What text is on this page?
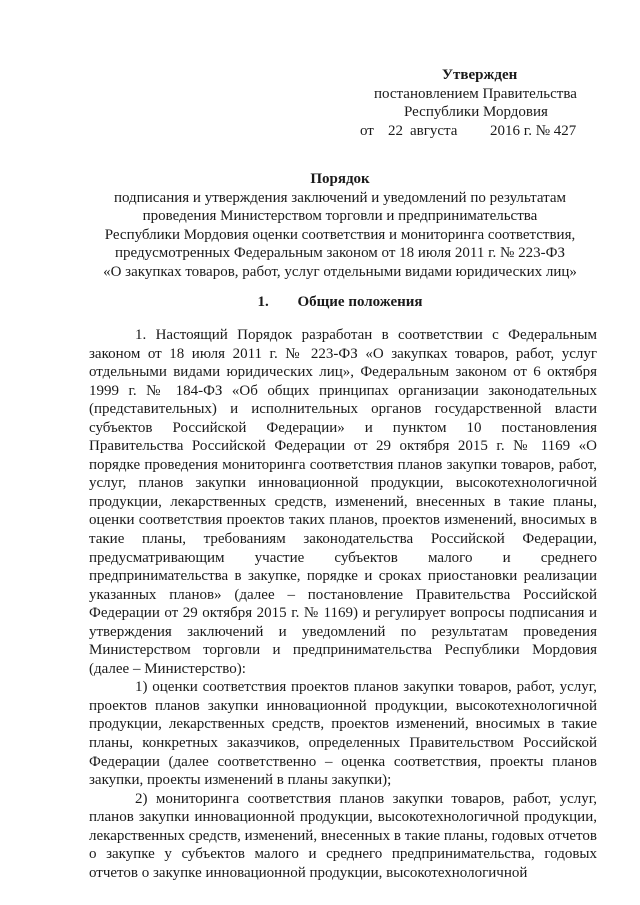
Утвержден
постановлением Правительства
Республики Мордовия
от 22 августа	2016 г. № 427
Порядок
подписания и утверждения заключений и уведомлений по результатам
проведения Министерством торговли и предпринимательства
Республики Мордовия оценки соответствия и мониторинга соответствия,
предусмотренных Федеральным законом от 18 июля 2011 г. № 223-ФЗ
«О закупках товаров, работ, услуг отдельными видами юридических лиц»
1. Общие положения

1. Настоящий Порядок разработан в соответствии с Федеральным законом от 18 июля 2011 г. № 223-ФЗ «О закупках товаров, работ, услуг отдельными видами юридических лиц», Федеральным законом от 6 октября 1999 г. № 184-ФЗ «Об общих принципах организации законодательных (представительных) и исполнительных органов государственной власти субъектов Российской Федерации» и пунктом 10 постановления Правительства Российской Федерации от 29 октября 2015 г. № 1169 «О порядке проведения мониторинга соответствия планов закупки товаров, работ, услуг, планов закупки инновационной продукции, высокотехнологичной продукции, лекарственных средств, изменений, внесенных в такие планы, оценки соответствия проектов таких планов, проектов изменений, вносимых в такие планы, требованиям законодательства Российской Федерации, предусматривающим участие субъектов малого и среднего предпринимательства в закупке, порядке и сроках приостановки реализации указанных планов» (далее – постановление Правительства Российской Федерации от 29 октября 2015 г. № 1169) и регулирует вопросы подписания и утверждения заключений и уведомлений по результатам проведения Министерством торговли и предпринимательства Республики Мордовия (далее – Министерство):

1) оценки соответствия проектов планов закупки товаров, работ, услуг, проектов планов закупки инновационной продукции, высокотехнологичной продукции, лекарственных средств, проектов изменений, вносимых в такие планы, конкретных заказчиков, определенных Правительством Российской Федерации (далее соответственно – оценка соответствия, проекты планов закупки, проекты изменений в планы закупки);

2) мониторинга соответствия планов закупки товаров, работ, услуг, планов закупки инновационной продукции, высокотехнологичной продукции, лекарственных средств, изменений, внесенных в такие планы, годовых отчетов о закупке у субъектов малого и среднего предпринимательства, годовых отчетов о закупке инновационной продукции, высокотехнологичной
